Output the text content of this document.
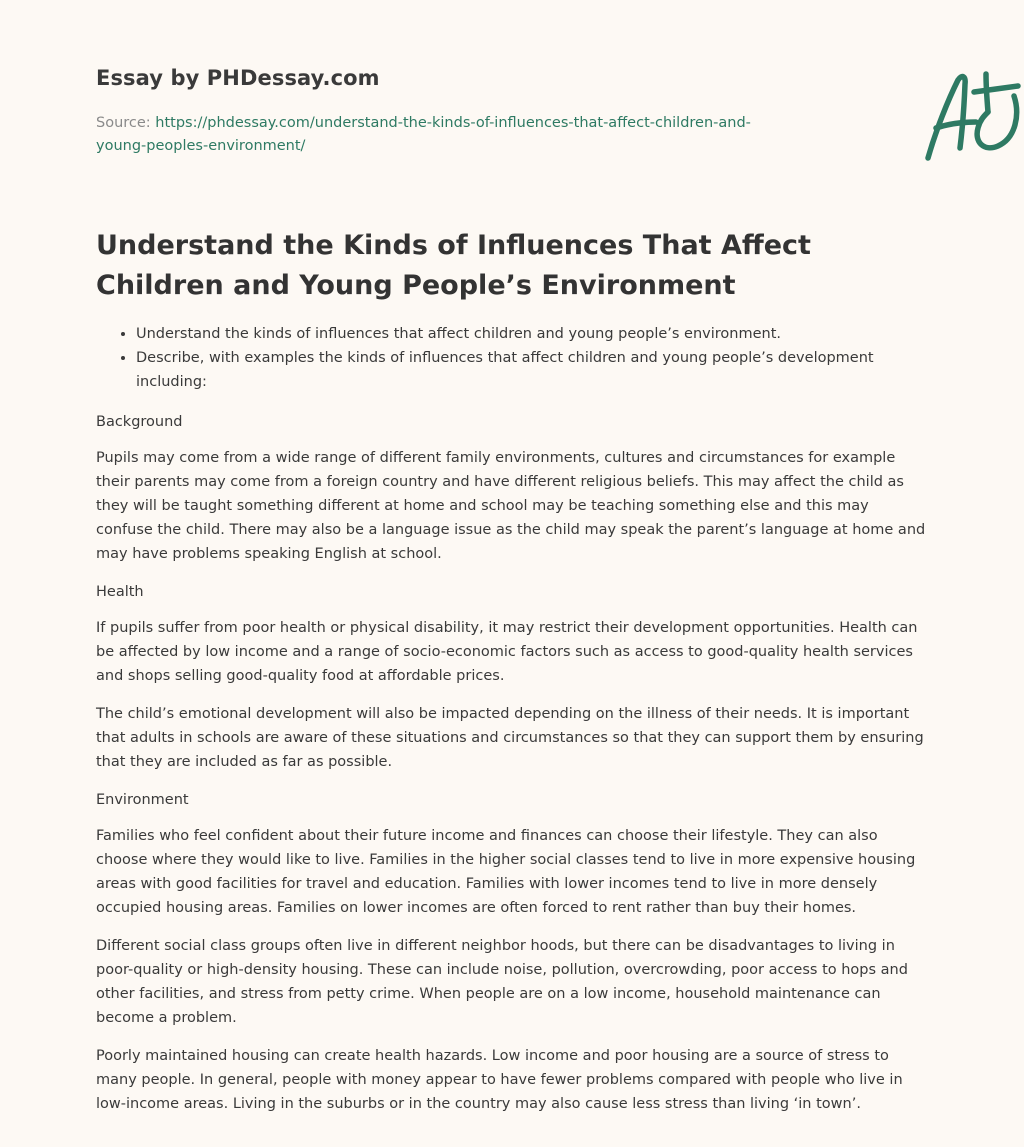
Essay by PHDessay.com
Source: https://phdessay.com/understand-the-kinds-of-influences-that-affect-children-and-young-peoples-environment/
Understand the Kinds of Influences That Affect Children and Young People’s Environment
• Understand the kinds of influences that affect children and young people’s environment.
• Describe, with examples the kinds of influences that affect children and young people’s development including:

Background

Pupils may come from a wide range of different family environments, cultures and circumstances for example their parents may come from a foreign country and have different religious beliefs. This may affect the child as they will be taught something different at home and school may be teaching something else and this may confuse the child. There may also be a language issue as the child may speak the parent’s language at home and may have problems speaking English at school.

Health

If pupils suffer from poor health or physical disability, it may restrict their development opportunities. Health can be affected by low income and a range of socio-economic factors such as access to good-quality health services and shops selling good-quality food at affordable prices.

The child’s emotional development will also be impacted depending on the illness of their needs. It is important that adults in schools are aware of these situations and circumstances so that they can support them by ensuring that they are included as far as possible.

Environment

Families who feel confident about their future income and finances can choose their lifestyle. They can also choose where they would like to live. Families in the higher social classes tend to live in more expensive housing areas with good facilities for travel and education. Families with lower incomes tend to live in more densely occupied housing areas. Families on lower incomes are often forced to rent rather than buy their homes.

Different social class groups often live in different neighbor hoods, but there can be disadvantages to living in poor-quality or high-density housing. These can include noise, pollution, overcrowding, poor access to hops and other facilities, and stress from petty crime. When people are on a low income, household maintenance can become a problem.

Poorly maintained housing can create health hazards. Low income and poor housing are a source of stress to many people. In general, people with money appear to have fewer problems compared with people who live in low-income areas. Living in the suburbs or in the country may also cause less stress than living ‘in town’.
